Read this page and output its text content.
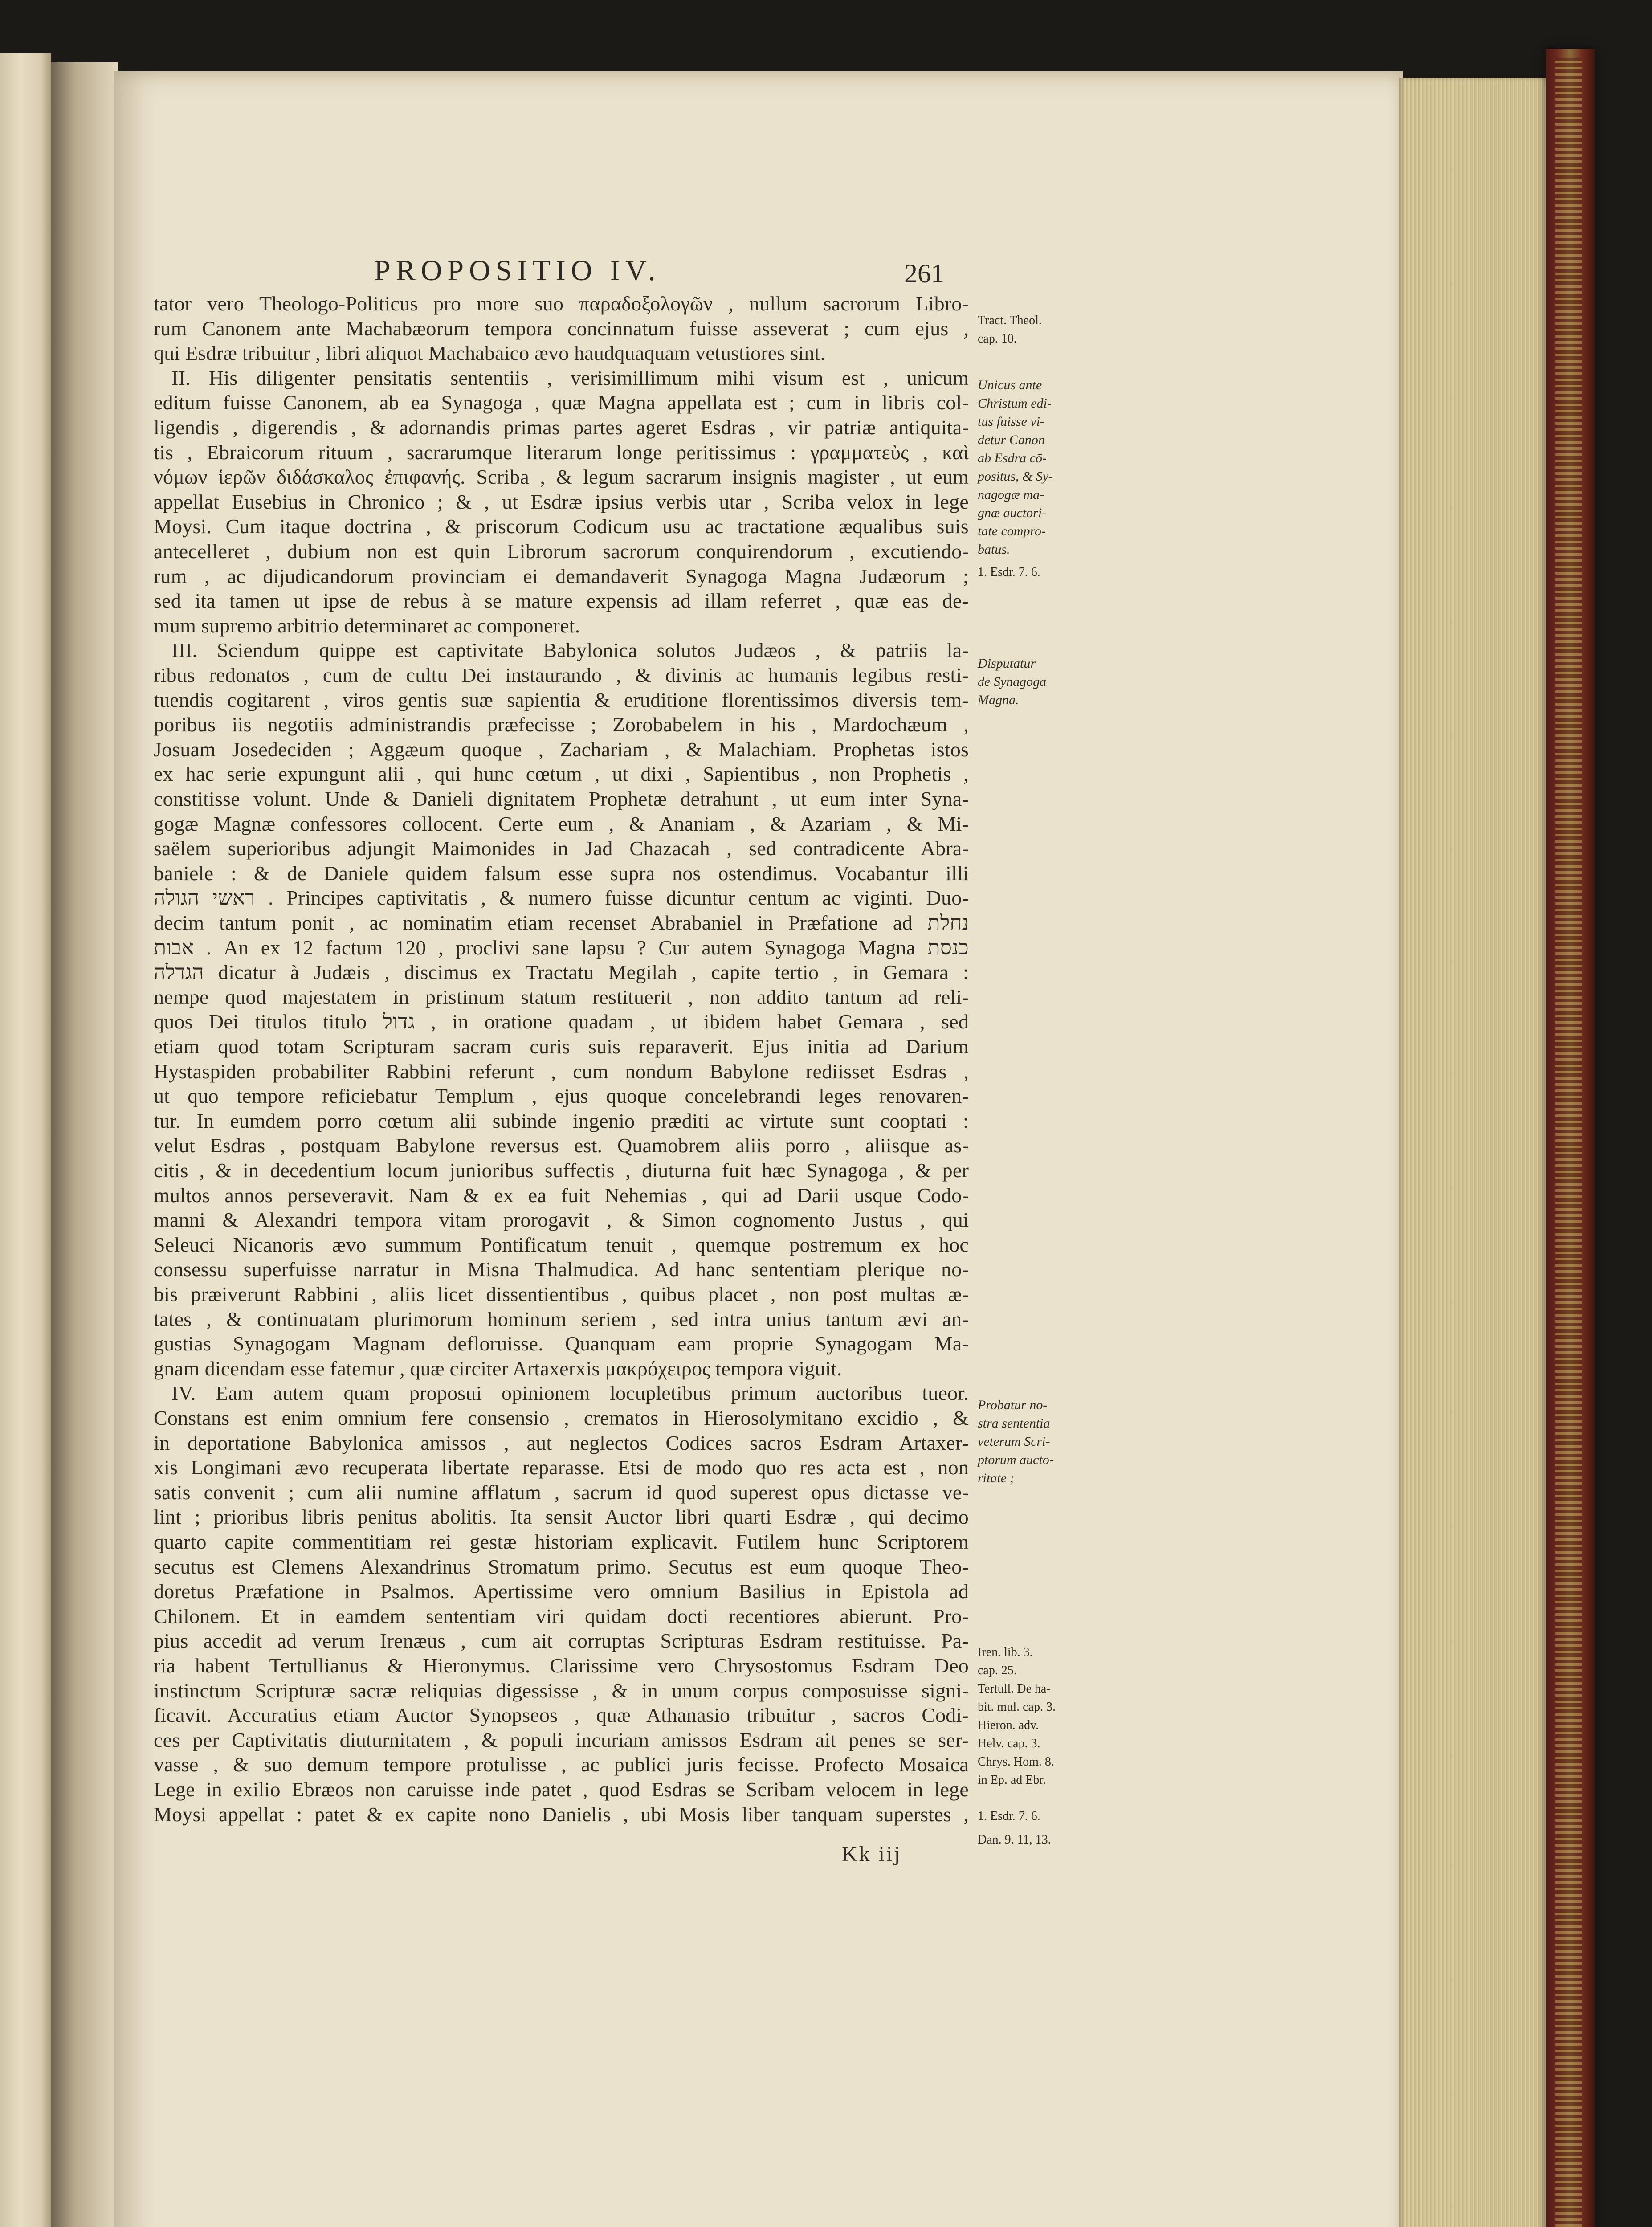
PROPOSITIO IV.	261
Kk iij
tator vero Theologo-Politicus pro more suo παραδοξολογῶν , nullum sacrorum Libro-
rum Canonem ante Machabæorum tempora concinnatum fuisse asseverat ; cum ejus ,
qui Esdræ tribuitur , libri aliquot Machabaico ævo haudquaquam vetustiores sint.
II. His diligenter pensitatis sententiis , verisimillimum mihi visum est , unicum
editum fuisse Canonem, ab ea Synagoga , quæ Magna appellata est ; cum in libris col-
ligendis , digerendis , & adornandis primas partes ageret Esdras , vir patriæ antiquita-
tis , Ebraicorum rituum , sacrarumque literarum longe peritissimus : γραμματεὺς , καὶ
νόμων ἱερῶν διδάσκαλος ἐπιφανής. Scriba , & legum sacrarum insignis magister , ut eum
appellat Eusebius in Chronico ; & , ut Esdræ ipsius verbis utar , Scriba velox in lege
Moysi. Cum itaque doctrina , & priscorum Codicum usu ac tractatione æqualibus suis
antecelleret , dubium non est quin Librorum sacrorum conquirendorum , excutiendo-
rum , ac dijudicandorum provinciam ei demandaverit Synagoga Magna Judæorum ;
sed ita tamen ut ipse de rebus à se mature expensis ad illam referret , quæ eas de-
mum supremo arbitrio determinaret ac componeret.
III. Sciendum quippe est captivitate Babylonica solutos Judæos , & patriis la-
ribus redonatos , cum de cultu Dei instaurando , & divinis ac humanis legibus resti-
tuendis cogitarent , viros gentis suæ sapientia & eruditione florentissimos diversis tem-
poribus iis negotiis administrandis præfecisse ; Zorobabelem in his , Mardochæum ,
Josuam Josedeciden ; Aggæum quoque , Zachariam , & Malachiam. Prophetas istos
ex hac serie expungunt alii , qui hunc cœtum , ut dixi , Sapientibus , non Prophetis ,
constitisse volunt. Unde & Danieli dignitatem Prophetæ detrahunt , ut eum inter Syna-
gogæ Magnæ confessores collocent. Certe eum , & Ananiam , & Azariam , & Mi-
saëlem superioribus adjungit Maimonides in Jad Chazacah , sed contradicente Abra-
baniele : & de Daniele quidem falsum esse supra nos ostendimus. Vocabantur illi
ראשי הגולה . Principes captivitatis , & numero fuisse dicuntur centum ac viginti. Duo-
decim tantum ponit , ac nominatim etiam recenset Abrabaniel in Præfatione ad נחלת
אבות . An ex 12 factum 120 , proclivi sane lapsu ? Cur autem Synagoga Magna כנסת
הגדלה dicatur à Judæis , discimus ex Tractatu Megilah , capite tertio , in Gemara :
nempe quod majestatem in pristinum statum restituerit , non addito tantum ad reli-
quos Dei titulos titulo גדול , in oratione quadam , ut ibidem habet Gemara , sed
etiam quod totam Scripturam sacram curis suis reparaverit. Ejus initia ad Darium
Hystaspiden probabiliter Rabbini referunt , cum nondum Babylone rediisset Esdras ,
ut quo tempore reficiebatur Templum , ejus quoque concelebrandi leges renovaren-
tur. In eumdem porro cœtum alii subinde ingenio præditi ac virtute sunt cooptati :
velut Esdras , postquam Babylone reversus est. Quamobrem aliis porro , aliisque as-
citis , & in decedentium locum junioribus suffectis , diuturna fuit hæc Synagoga , & per
multos annos perseveravit. Nam & ex ea fuit Nehemias , qui ad Darii usque Codo-
manni & Alexandri tempora vitam prorogavit , & Simon cognomento Justus , qui
Seleuci Nicanoris ævo summum Pontificatum tenuit , quemque postremum ex hoc
consessu superfuisse narratur in Misna Thalmudica. Ad hanc sententiam plerique no-
bis præiverunt Rabbini , aliis licet dissentientibus , quibus placet , non post multas æ-
tates , & continuatam plurimorum hominum seriem , sed intra unius tantum ævi an-
gustias Synagogam Magnam defloruisse. Quanquam eam proprie Synagogam Ma-
gnam dicendam esse fatemur , quæ circiter Artaxerxis μακρόχειρος tempora viguit.
IV. Eam autem quam proposui opinionem locupletibus primum auctoribus tueor.
Constans est enim omnium fere consensio , crematos in Hierosolymitano excidio , &
in deportatione Babylonica amissos , aut neglectos Codices sacros Esdram Artaxer-
xis Longimani ævo recuperata libertate reparasse. Etsi de modo quo res acta est , non
satis convenit ; cum alii numine afflatum , sacrum id quod superest opus dictasse ve-
lint ; prioribus libris penitus abolitis. Ita sensit Auctor libri quarti Esdræ , qui decimo
quarto capite commentitiam rei gestæ historiam explicavit. Futilem hunc Scriptorem
secutus est Clemens Alexandrinus Stromatum primo. Secutus est eum quoque Theo-
doretus Præfatione in Psalmos. Apertissime vero omnium Basilius in Epistola ad
Chilonem. Et in eamdem sententiam viri quidam docti recentiores abierunt. Pro-
pius accedit ad verum Irenæus , cum ait corruptas Scripturas Esdram restituisse. Pa-
ria habent Tertullianus & Hieronymus. Clarissime vero Chrysostomus Esdram Deo
instinctum Scripturæ sacræ reliquias digessisse , & in unum corpus composuisse signi-
ficavit. Accuratius etiam Auctor Synopseos , quæ Athanasio tribuitur , sacros Codi-
ces per Captivitatis diuturnitatem , & populi incuriam amissos Esdram ait penes se ser-
vasse , & suo demum tempore protulisse , ac publici juris fecisse. Profecto Mosaica
Lege in exilio Ebræos non caruisse inde patet , quod Esdras se Scribam velocem in lege
Moysi appellat : patet & ex capite nono Danielis , ubi Mosis liber tanquam superstes ,
Tract. Theol.
cap. 10.
Unicus ante
Christum edi-
tus fuisse vi-
detur Canon
ab Esdra cō-
positus, & Sy-
nagogæ ma-
gnæ auctori-
tate compro-
batus.
1. Esdr. 7. 6.
Disputatur
de Synagoga
Magna.
Probatur no-
stra sententia
veterum Scri-
ptorum aucto-
ritate ;
Iren. lib. 3.
cap. 25.
Tertull. De ha-
bit. mul. cap. 3.
Hieron. adv.
Helv. cap. 3.
Chrys. Hom. 8.
in Ep. ad Ebr.
1. Esdr. 7. 6.
Dan. 9. 11, 13.
